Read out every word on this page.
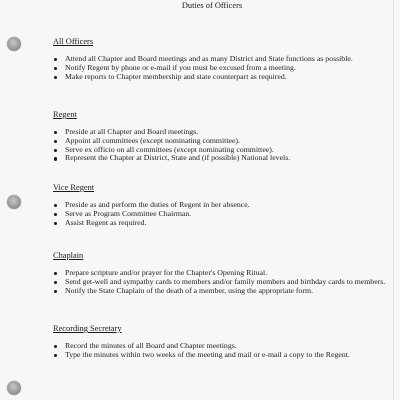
Duties of Officers

All Officers

Attend all Chapter and Board meetings and as many District and State functions as possible.
Notify Regent by phone or e-mail if you must be excused from a meeting.
Make reports to Chapter membership and state counterpart as required.

Regent

Preside at all Chapter and Board meetings.
Appoint all committees (except nominating committee).
Serve ex officio on all committees (except nominating committee).
Represent the Chapter at District, State and (if possible) National levels.

Vice Regent

Preside as and perform the duties of Regent in her absence.
Serve as Program Committee Chairman.
Assist Regent as required.

Chaplain

Prepare scripture and/or prayer for the Chapter's Opening Ritual.
Send get-well and sympathy cards to members and/or family members and birthday cards to members.
Notify the State Chaplain of the death of a member, using the appropriate form.

Recording Secretary

Record the minutes of all Board and Chapter meetings.
Type the minutes within two weeks of the meeting and mail or e-mail a copy to the Regent.
